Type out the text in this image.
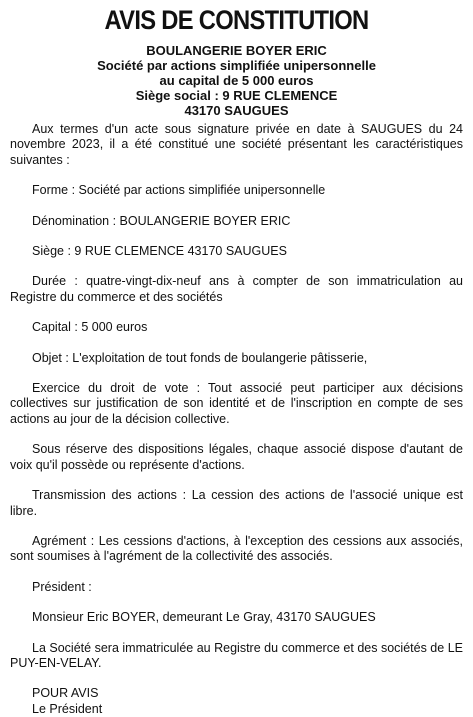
AVIS DE CONSTITUTION
BOULANGERIE BOYER ERIC
Société par actions simplifiée unipersonnelle
au capital de 5 000 euros
Siège social : 9 RUE CLEMENCE
43170 SAUGUES

Aux termes d'un acte sous signature privée en date à SAUGUES du 24 novembre 2023, il a été constitué une société présentant les caractéristiques suivantes :

Forme : Société par actions simplifiée unipersonnelle

Dénomination : BOULANGERIE BOYER ERIC

Siège : 9 RUE CLEMENCE 43170 SAUGUES

Durée : quatre-vingt-dix-neuf ans à compter de son immatriculation au Registre du commerce et des sociétés

Capital : 5 000 euros

Objet : L'exploitation de tout fonds de boulangerie pâtisserie,

Exercice du droit de vote : Tout associé peut participer aux décisions collectives sur justification de son identité et de l'inscription en compte de ses actions au jour de la décision collective.

Sous réserve des dispositions légales, chaque associé dispose d'autant de voix qu'il possède ou représente d'actions.

Transmission des actions : La cession des actions de l'associé unique est libre.

Agrément : Les cessions d'actions, à l'exception des cessions aux associés, sont soumises à l'agrément de la collectivité des associés.

Président :

Monsieur Eric BOYER, demeurant Le Gray, 43170 SAUGUES

La Société sera immatriculée au Registre du commerce et des sociétés de LE PUY-EN-VELAY.

POUR AVIS

Le Président
